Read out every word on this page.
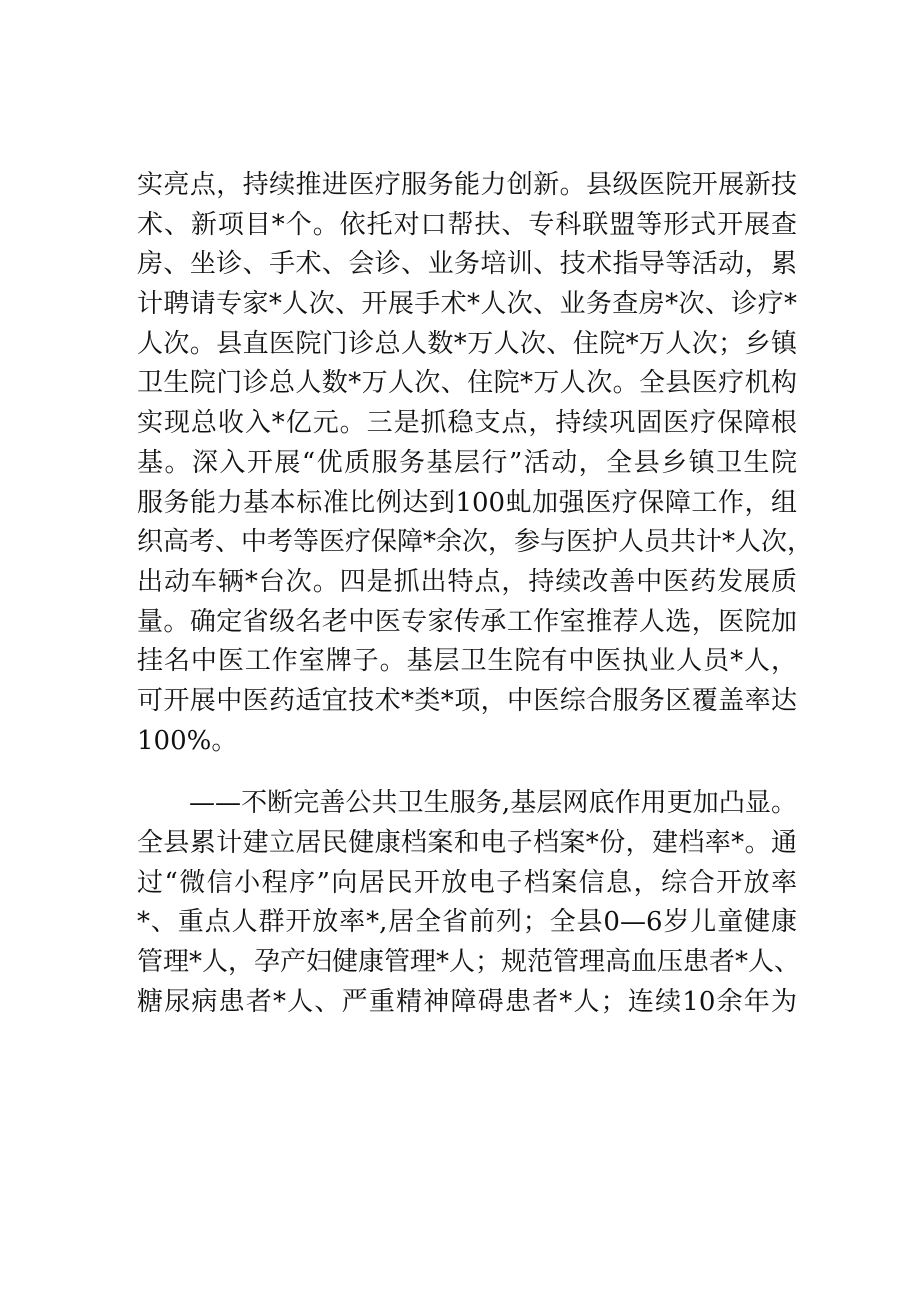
实亮点，持续推进医疗服务能力创新。县级医院开展新技
术、新项目*个。依托对口帮扶、专科联盟等形式开展查
房、坐诊、手术、会诊、业务培训、技术指导等活动，累
计聘请专家*人次、开展手术*人次、业务查房*次、诊疗*
人次。县直医院门诊总人数*万人次、住院*万人次；乡镇
卫生院门诊总人数*万人次、住院*万人次。全县医疗机构
实现总收入*亿元。三是抓稳支点，持续巩固医疗保障根
基。深入开展“优质服务基层行”活动，全县乡镇卫生院
服务能力基本标准比例达到100虬加强医疗保障工作，组
织高考、中考等医疗保障*余次，参与医护人员共计*人次，
出动车辆*台次。四是抓出特点，持续改善中医药发展质
量。确定省级名老中医专家传承工作室推荐人选，医院加
挂名中医工作室牌子。基层卫生院有中医执业人员*人，
可开展中医药适宜技术*类*项，中医综合服务区覆盖率达
100%。
——不断完善公共卫生服务,基层网底作用更加凸显。
全县累计建立居民健康档案和电子档案*份，建档率*。通
过“微信小程序”向居民开放电子档案信息，综合开放率
*、重点人群开放率*,居全省前列；全县0—6岁儿童健康
管理*人，孕产妇健康管理*人；规范管理高血压患者*人、
糖尿病患者*人、严重精神障碍患者*人；连续10余年为
